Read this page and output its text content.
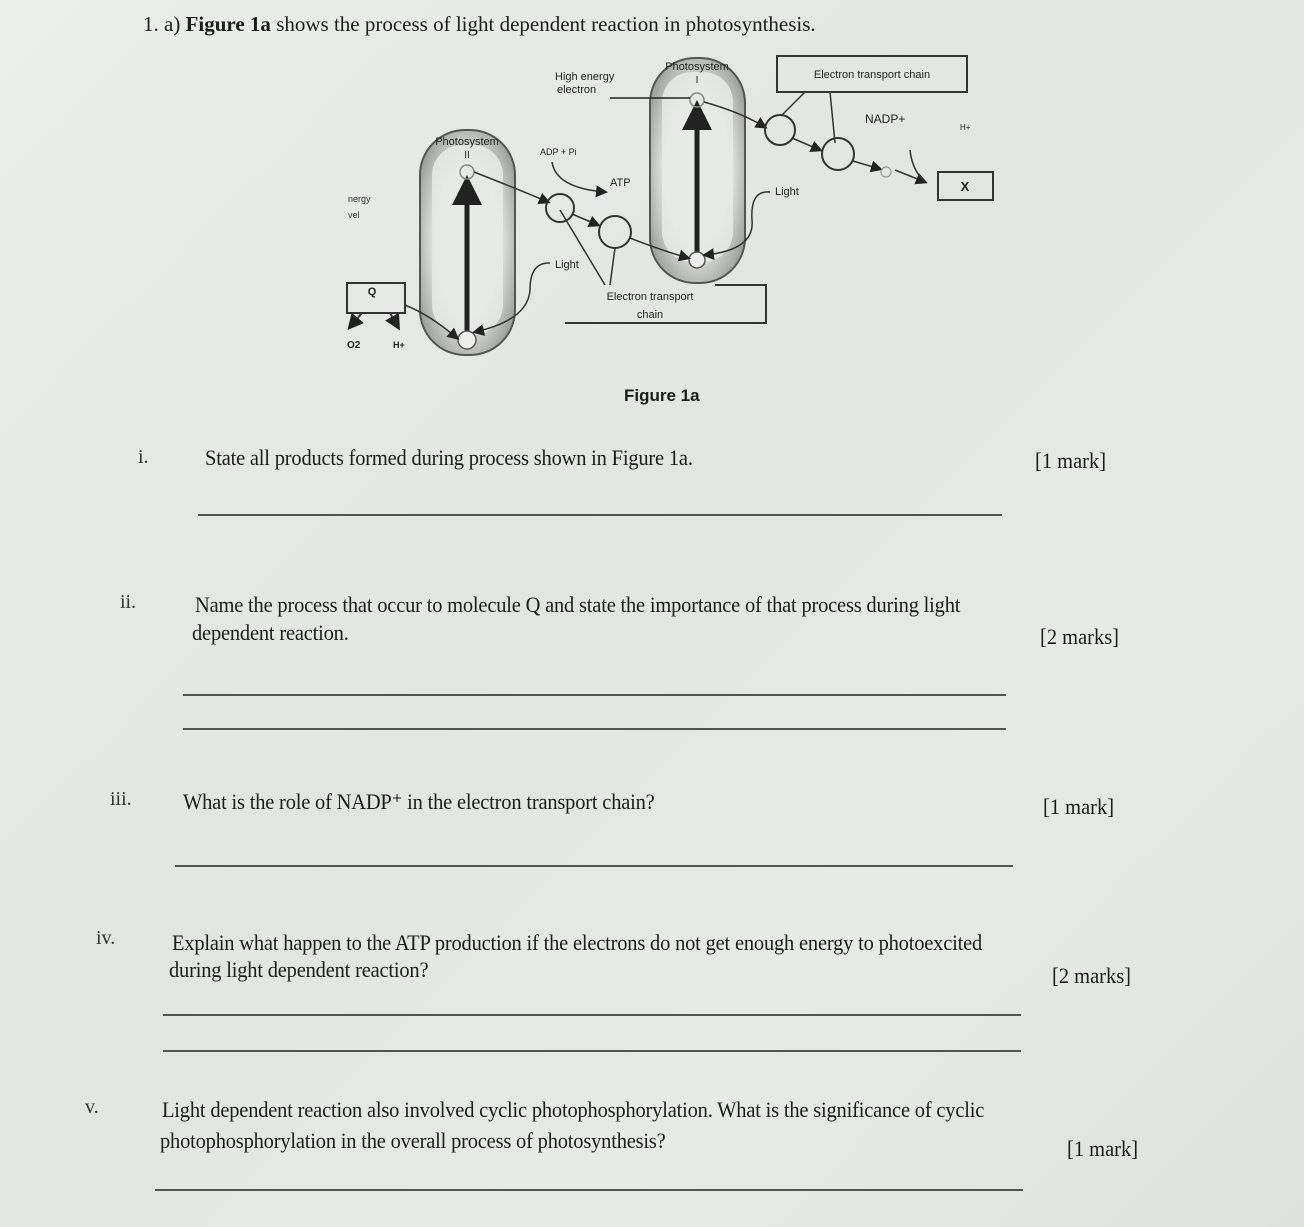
1. a) Figure 1a shows the process of light dependent reaction in photosynthesis.
Photosystem
II
Photosystem
I
High energy
electron
Electron transport chain
NADP+
H+
X
Light
ADP + Pi
ATP
Electron transport
chain
Light
nergy
vel
Q
O2	H+
Figure 1a
i.	State all products formed during process shown in Figure 1a.	[1 mark]
ii.	Name the process that occur to molecule Q and state the importance of that process during light
dependent reaction.	[2 marks]
iii. What is the role of NADP⁺ in the electron transport chain?	[1 mark]
iv.	Explain what happen to the ATP production if the electrons do not get enough energy to photoexcited
during light dependent reaction?	[2 marks]
v.	Light dependent reaction also involved cyclic photophosphorylation. What is the significance of cyclic
photophosphorylation in the overall process of photosynthesis?	[1 mark]
